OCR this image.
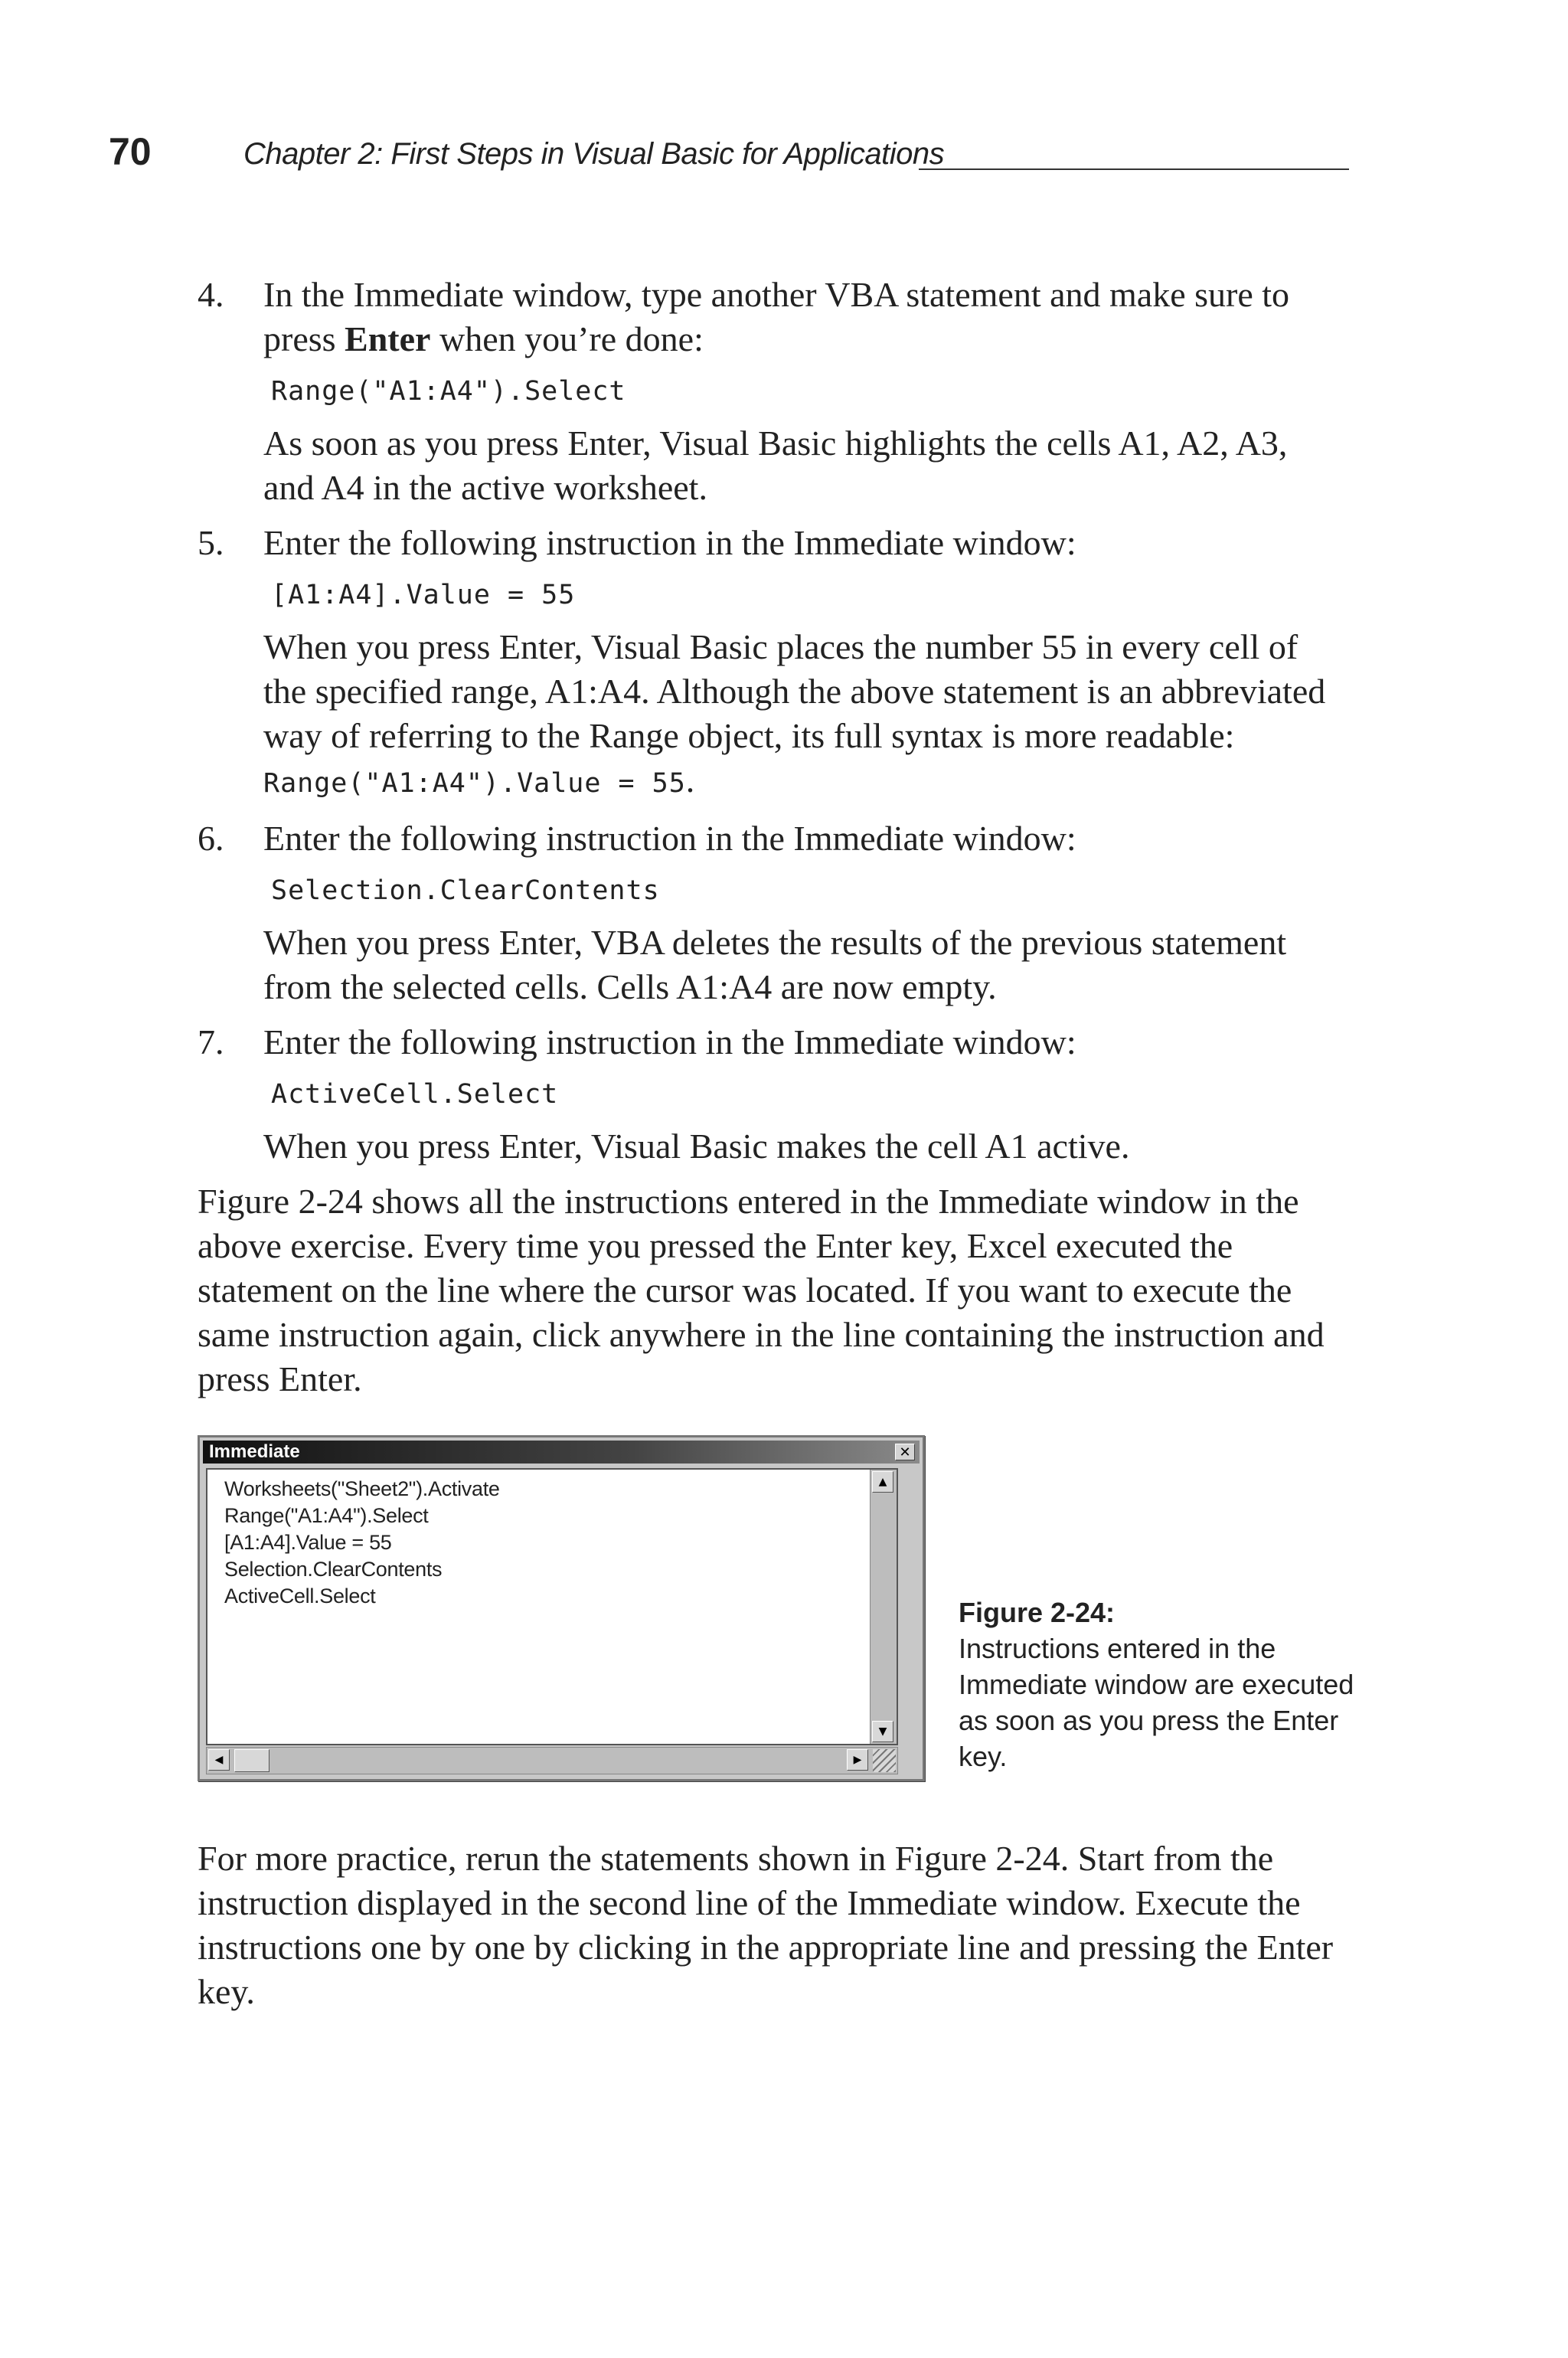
70	Chapter 2: First Steps in Visual Basic for Applications
4. In the Immediate window, type another VBA statement and make sure to press Enter when you’re done:

Range("A1:A4").Select

As soon as you press Enter, Visual Basic highlights the cells A1, A2, A3, and A4 in the active worksheet.

5. Enter the following instruction in the Immediate window:

[A1:A4].Value = 55

When you press Enter, Visual Basic places the number 55 in every cell of the specified range, A1:A4. Although the above statement is an abbreviated way of referring to the Range object, its full syntax is more readable: Range("A1:A4").Value = 55.

6. Enter the following instruction in the Immediate window:

Selection.ClearContents

When you press Enter, VBA deletes the results of the previous statement from the selected cells. Cells A1:A4 are now empty.

7. Enter the following instruction in the Immediate window:

ActiveCell.Select

When you press Enter, Visual Basic makes the cell A1 active.

Figure 2-24 shows all the instructions entered in the Immediate window in the above exercise. Every time you pressed the Enter key, Excel executed the statement on the line where the cursor was located. If you want to execute the same instruction again, click anywhere in the line containing the instruction and press Enter.

Immediate	✕
Worksheets("Sheet2").Activate
Range("A1:A4").Select
[A1:A4].Value = 55
Selection.ClearContents
ActiveCell.Select
▲
▼
◀	▶
Figure 2-24:
Instructions entered in the Immediate window are executed as soon as you press the Enter key.

For more practice, rerun the statements shown in Figure 2-24. Start from the instruction displayed in the second line of the Immediate window. Execute the instructions one by one by clicking in the appropriate line and pressing the Enter key.
